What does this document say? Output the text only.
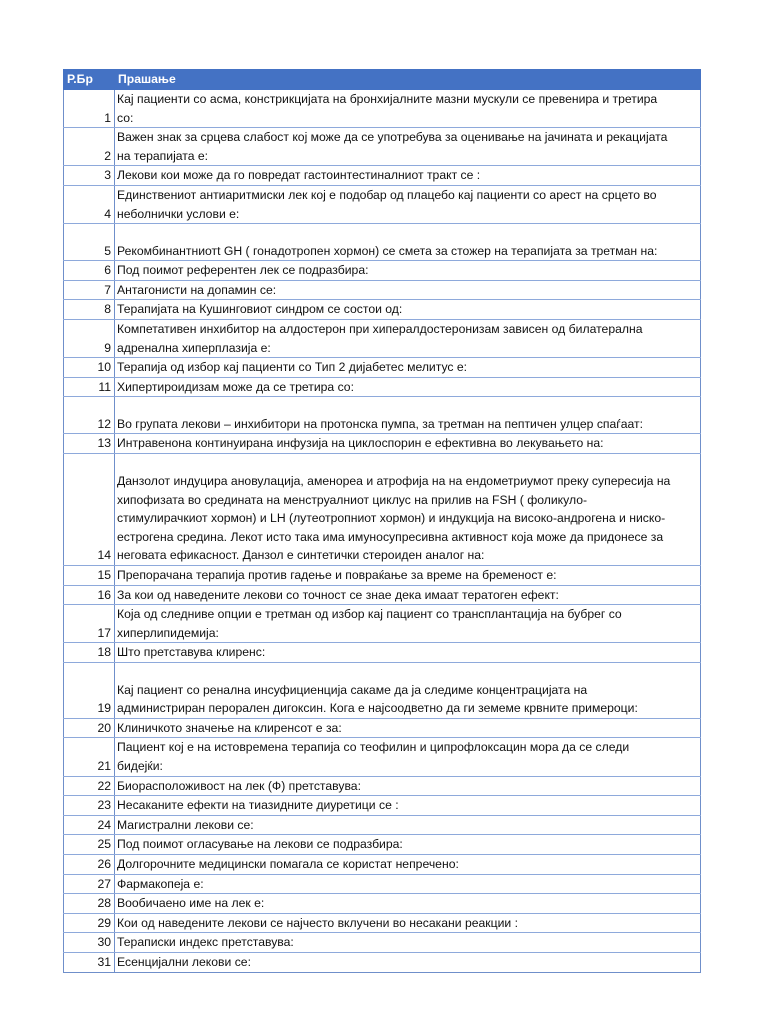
Р.Бр	Прашање
1	Кај пациенти со асма, констрикцијата на бронхијалните мазни мускули се превенира и третира
со:

2	Важен знак за срцева слабост кој може да се употребува за оценивање на јачината и рекацијата
на терапијата е:

3	Лекови кои може да го повредат гастоинтестиналниот тракт се :

4	Единствениот антиаритмиски лек кој е подобар од плацебо кај пациенти со арест на срцето во
неболнички услови е:

5	Рекомбинантниотt GH ( гонадотропен хормон) се смета за стожер на терапијата за третман на:

6	Под поимот референтен лек се подразбира:

7	Антагонисти на допамин се:

8	Терапијата на Кушинговиот синдром се состои од:

9	Компетативен инхибитор на алдостерон при хипералдостеронизам зависен од билатерална
адренална хиперплазија е:

10	Терапија од избор кај пациенти со Тип 2 дијабетес мелитус е:

11	Хипертироидизам може да се третира со:

12	Во групата лекови – инхибитори на протонска пумпа, за третман на пептичен улцер спаѓаат:

13	Интравенона континуирана инфузија на циклоспорин е ефективна во лекувањето на:

14	Данзолот индуцира ановулација, аменореа и атрофија на на ендометриумот преку супересија на
хипофизата во средината на менструалниот циклус на прилив на FSH ( фоликуло-
стимулирачкиот хормон) и LH (лутеотропниот хормон) и индукција на високо-андрогена и ниско-
естрогена средина. Лекот исто така има имуносупресивна активност која може да придонесе за
неговата ефикасност. Данзол е синтетички стероиден аналог на:

15	Препорачана терапија против гадење и повраќање за време на бременост е:

16	За кои од наведените лекови со точност се знае дека имаат тератоген ефект:

17	Која од следниве опции е третман од избор кај пациент со трансплантација на бубрег со
хиперлипидемија:

18	Што претставува клиренс:

19	Кај пациент со ренална инсуфициенција сакаме да ја следиме концентрацијата на
администриран перорален дигоксин. Кога е најсоодветно да ги земеме крвните примероци:

20	Клиничкото значење на клиренсот е за:

21	Пациент кој е на истовремена терапија со теофилин и ципрофлоксацин мора да се следи
бидејќи:

22	Биорасположивост на лек (Ф) претставува:

23	Несаканите ефекти на тиазидните диуретици се :

24	Магистрални лекови се:

25	Под поимот огласување на лекови се подразбира:

26	Долгорочните медицински помагала се користат непречено:

27	Фармакопеја е:

28	Вообичаено име на лек е:

29	Кои од наведените лекови се најчесто вклучени во несакани реакции :

30	Тераписки индекс претставува:

31	Есенцијални лекови се:
